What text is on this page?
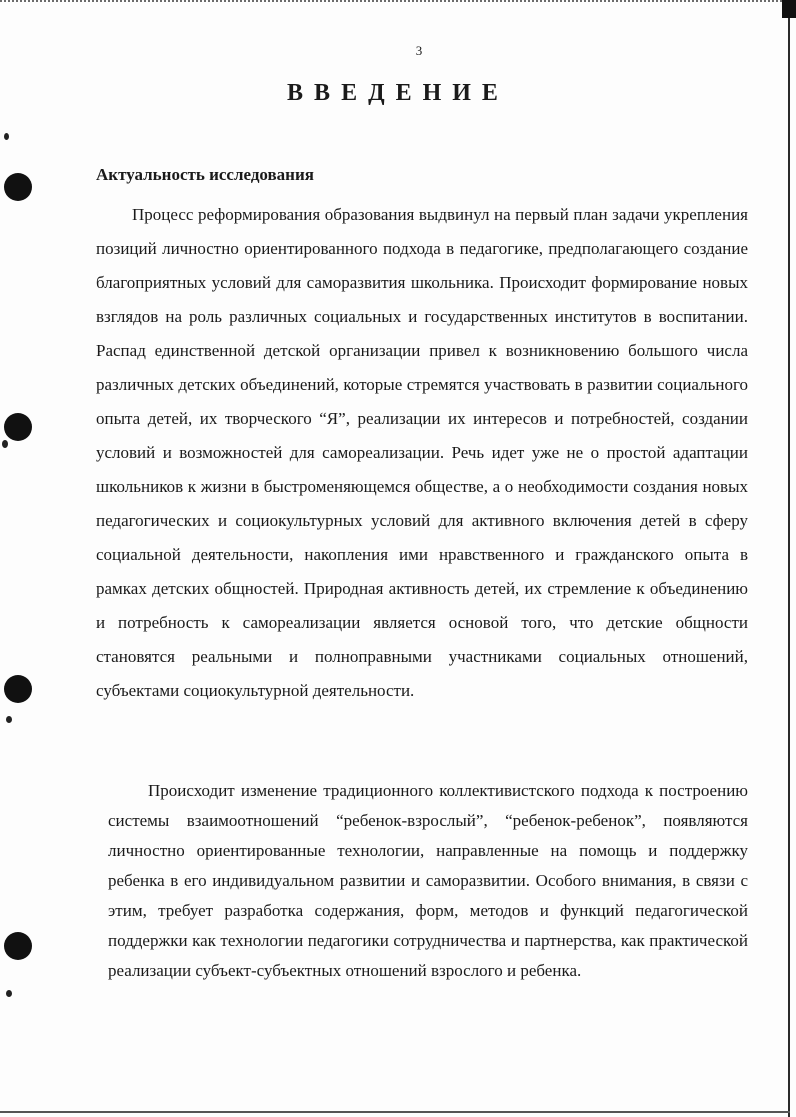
3
ВВЕДЕНИЕ
Актуальность исследования
Процесс реформирования образования выдвинул на первый план задачи укрепления позиций личностно ориентированного подхода в педагогике, предполагающего создание благоприятных условий для саморазвития школьника. Происходит формирование новых взглядов на роль различных социальных и государственных институтов в воспитании. Распад единственной детской организации привел к возникновению большого числа различных детских объединений, которые стремятся участвовать в развитии социального опыта детей, их творческого “Я”, реализации их интересов и потребностей, создании условий и возможностей для самореализации. Речь идет уже не о простой адаптации школьников к жизни в быстроменяющемся обществе, а о необходимости создания новых педагогических и социокультурных условий для активного включения детей в сферу социальной деятельности, накопления ими нравственного и гражданского опыта в рамках детских общностей. Природная активность детей, их стремление к объединению и потребность к самореализации является основой того, что детские общности становятся реальными и полноправными участниками социальных отношений, субъектами социокультурной деятельности.
Происходит изменение традиционного коллективистского подхода к построению системы взаимоотношений “ребенок-взрослый”, “ребенок-ребенок”, появляются личностно ориентированные технологии, направленные на помощь и поддержку ребенка в его индивидуальном развитии и саморазвитии. Особого внимания, в связи с этим, требует разработка содержания, форм, методов и функций педагогической поддержки как технологии педагогики сотрудничества и партнерства, как практической реализации субъект-субъектных отношений взрослого и ребенка.
